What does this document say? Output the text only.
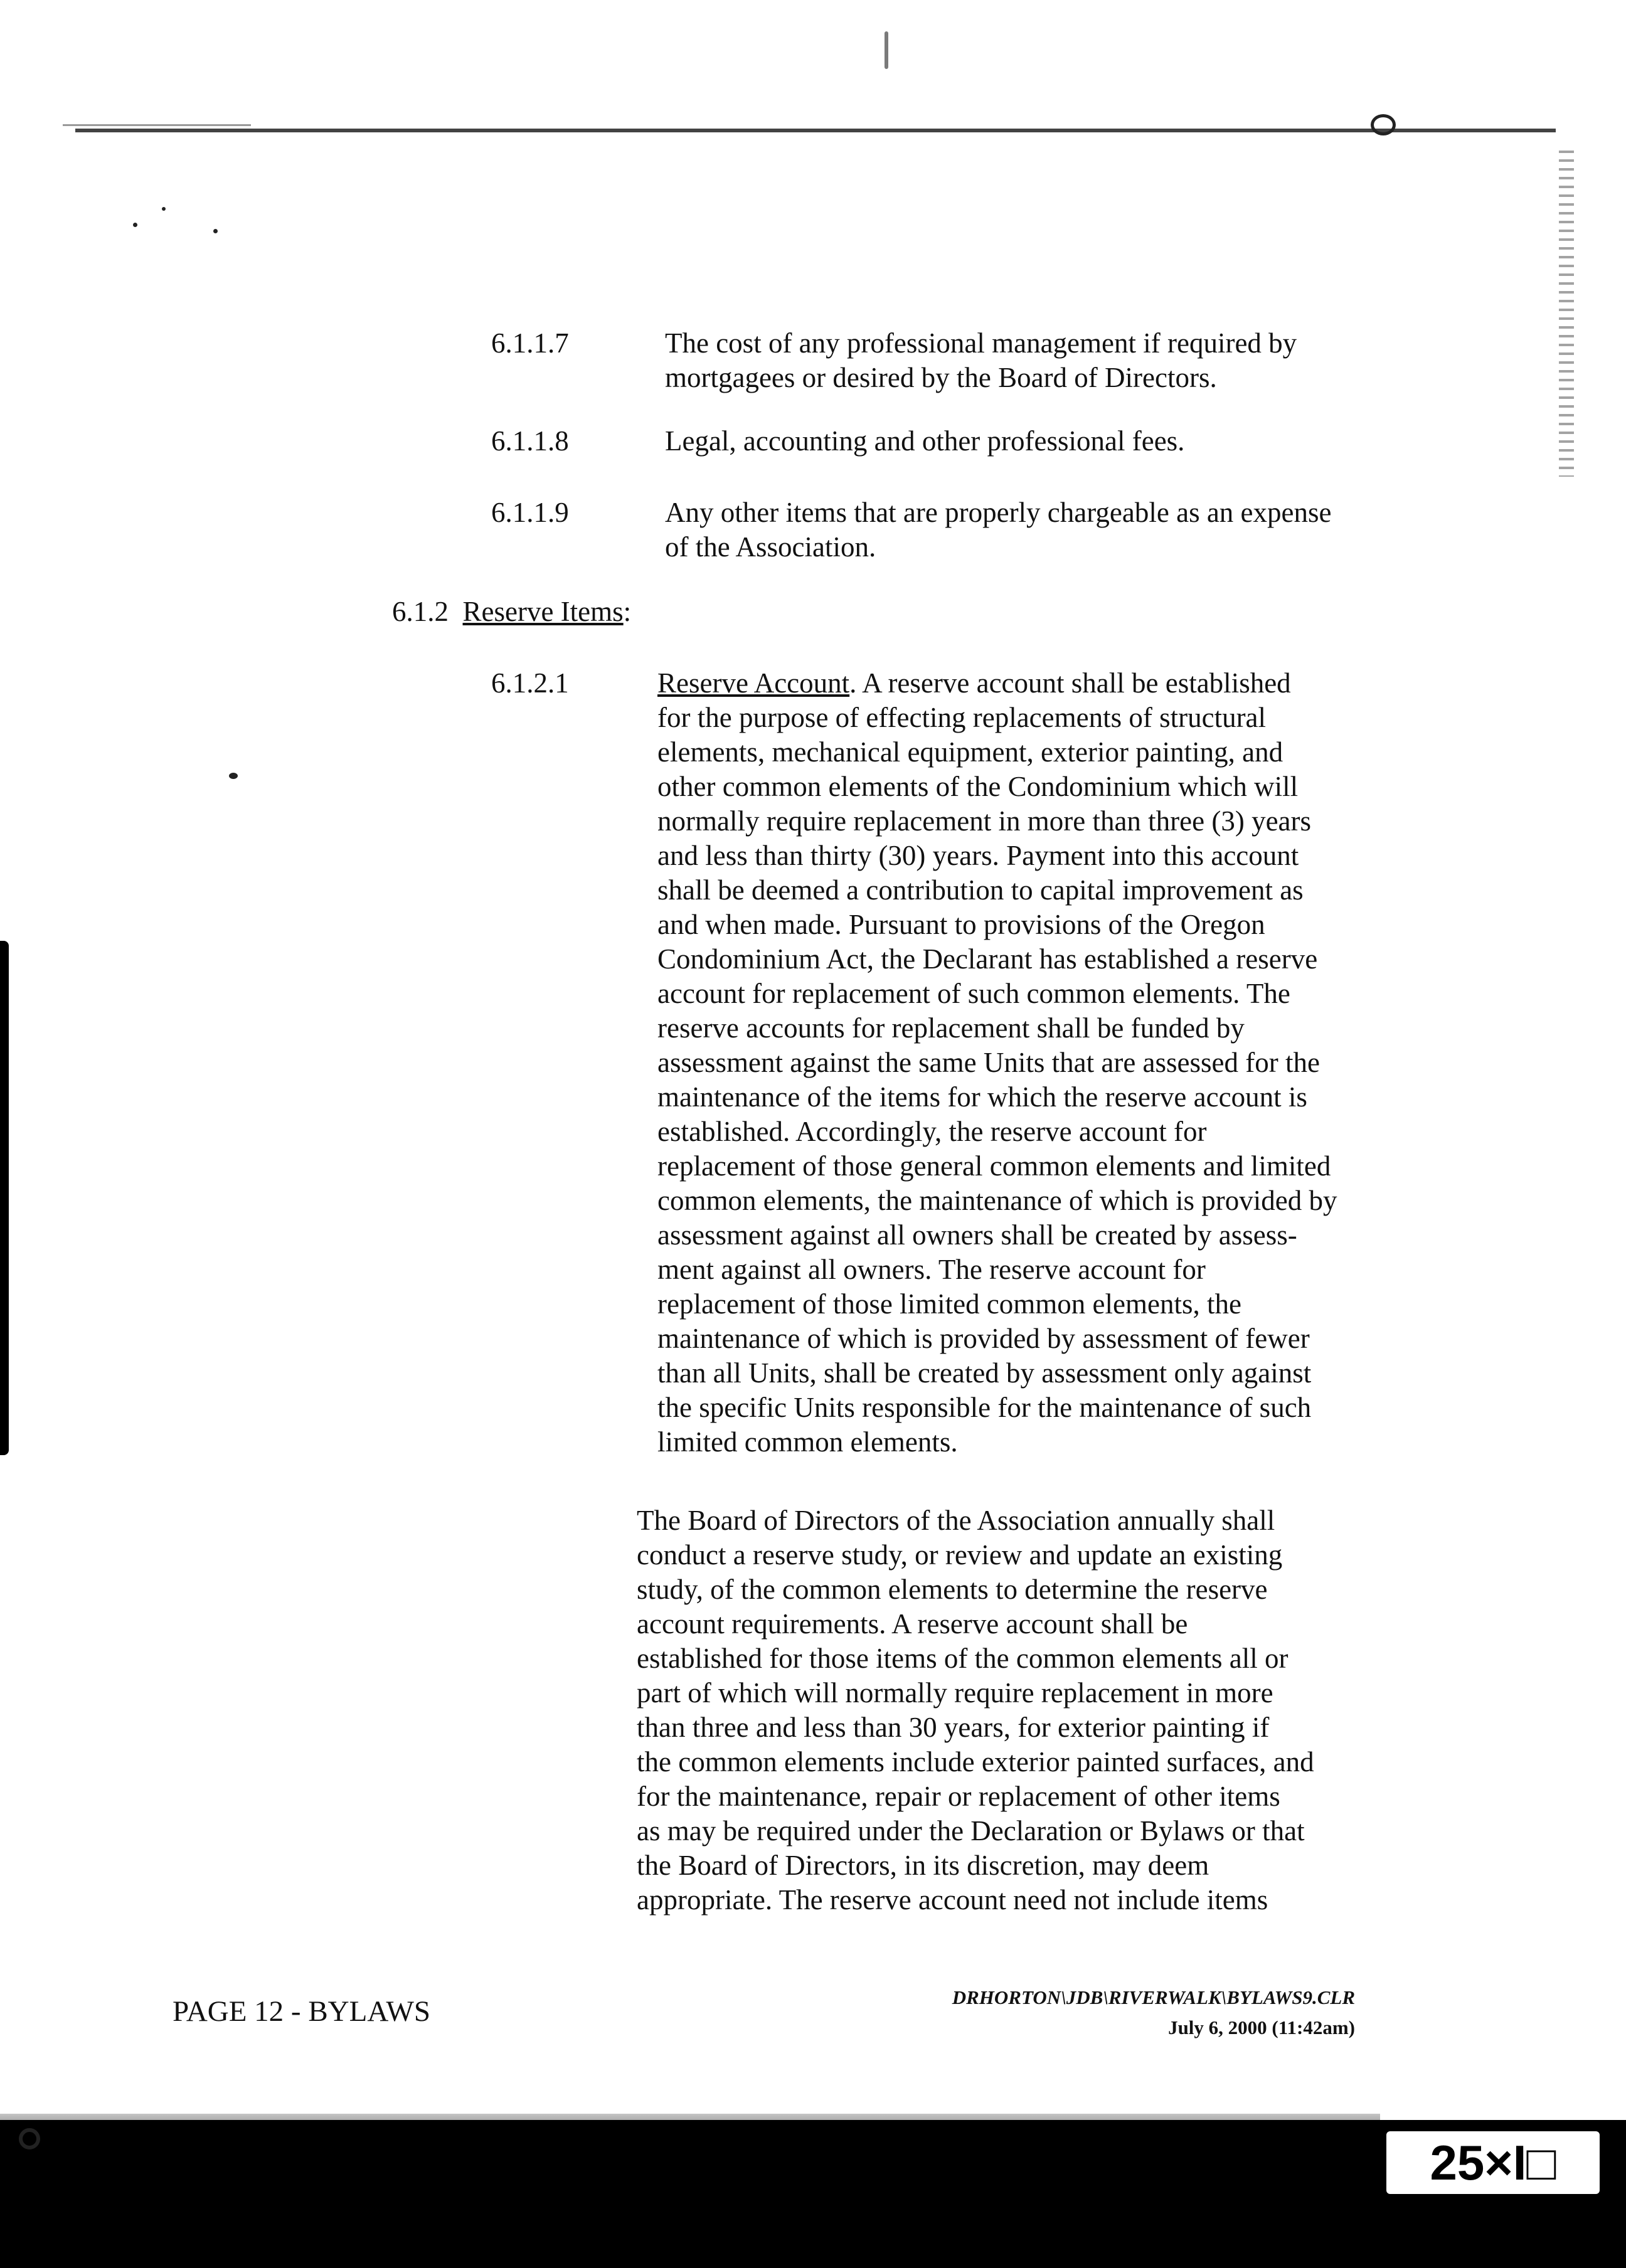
6.1.1.7	The cost of any professional management if required by
mortgagees or desired by the Board of Directors.
6.1.1.8	Legal, accounting and other professional fees.
6.1.1.9	Any other items that are properly chargeable as an expense
of the Association.
6.1.2 Reserve Items:
6.1.2.1	Reserve Account. A reserve account shall be established
for the purpose of effecting replacements of structural
elements, mechanical equipment, exterior painting, and
other common elements of the Condominium which will
normally require replacement in more than three (3) years
and less than thirty (30) years. Payment into this account
shall be deemed a contribution to capital improvement as
and when made. Pursuant to provisions of the Oregon
Condominium Act, the Declarant has established a reserve
account for replacement of such common elements. The
reserve accounts for replacement shall be funded by
assessment against the same Units that are assessed for the
maintenance of the items for which the reserve account is
established. Accordingly, the reserve account for
replacement of those general common elements and limited
common elements, the maintenance of which is provided by
assessment against all owners shall be created by assess-
ment against all owners. The reserve account for
replacement of those limited common elements, the
maintenance of which is provided by assessment of fewer
than all Units, shall be created by assessment only against
the specific Units responsible for the maintenance of such
limited common elements.
The Board of Directors of the Association annually shall
conduct a reserve study, or review and update an existing
study, of the common elements to determine the reserve
account requirements. A reserve account shall be
established for those items of the common elements all or
part of which will normally require replacement in more
than three and less than 30 years, for exterior painting if
the common elements include exterior painted surfaces, and
for the maintenance, repair or replacement of other items
as may be required under the Declaration or Bylaws or that
the Board of Directors, in its discretion, may deem
appropriate. The reserve account need not include items
PAGE 12 - BYLAWS	DRHORTON\JDB\RIVERWALK\BYLAWS9.CLR
July 6, 2000 (11:42am)
25×I□
